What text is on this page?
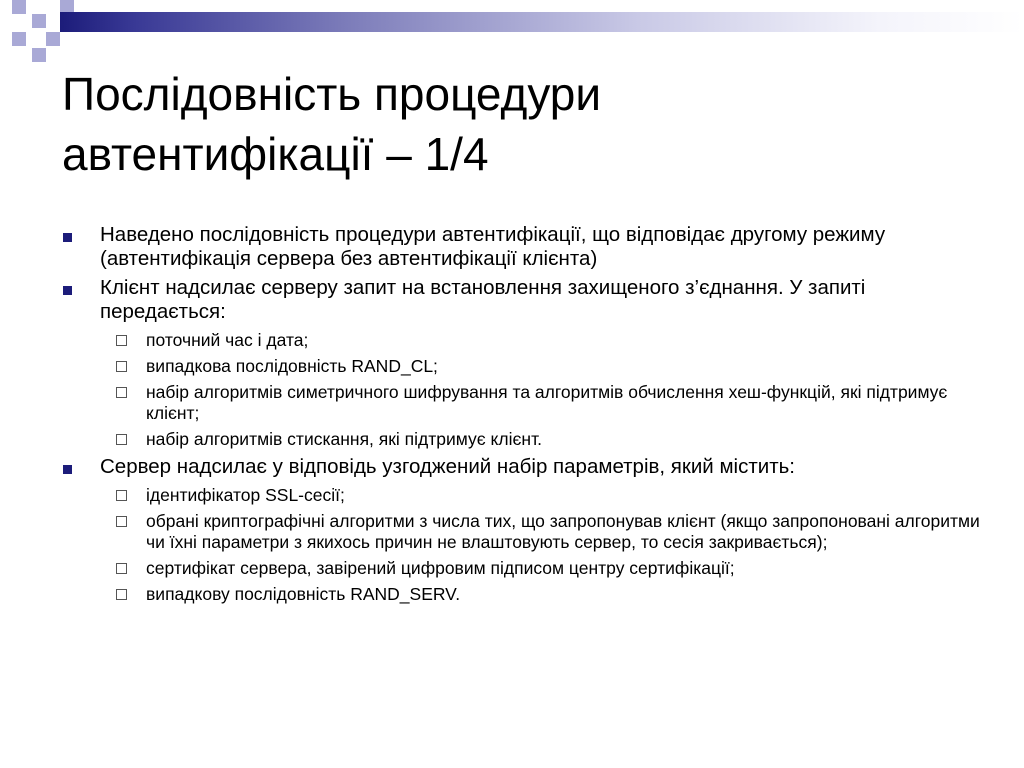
Послідовність процедури
автентифікації – 1/4
Наведено послідовність процедури автентифікації, що відповідає другому режиму (автентифікація сервера без автентифікації клієнта)
Клієнт надсилає серверу запит на встановлення захищеного з’єднання. У запиті передається:
поточний час і дата;
випадкова послідовність RAND_CL;
набір алгоритмів симетричного шифрування та алгоритмів обчислення хеш-функцій, які підтримує клієнт;
набір алгоритмів стискання, які підтримує клієнт.
Сервер надсилає у відповідь узгоджений набір параметрів, який містить:
ідентифікатор SSL-сесії;
обрані криптографічні алгоритми з числа тих, що запропонував клієнт (якщо запропоновані алгоритми чи їхні параметри з якихось причин не влаштовують сервер, то сесія закривається);
сертифікат сервера, завірений цифровим підписом центру сертифікації;
випадкову послідовність RAND_SERV.
